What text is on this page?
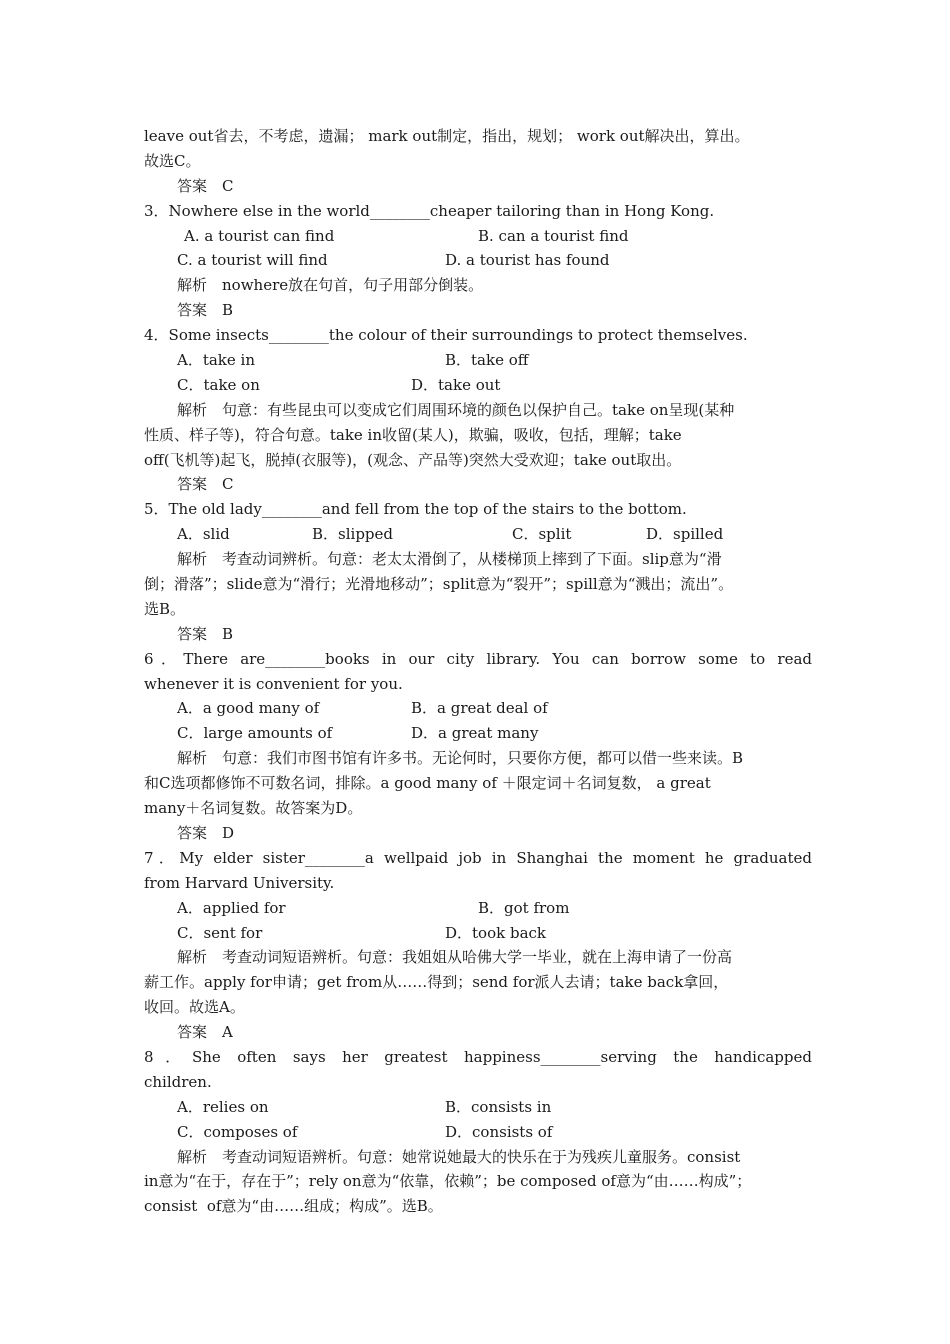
leave out省去，不考虑，遗漏； mark out制定，指出，规划； work out解决出，算出。
故选C。
答案　C
3．Nowhere else in the world________cheaper tailoring than in Hong Kong.
A. a tourist can find	B. can a tourist find
C. a tourist will find	D. a tourist has found
解析　nowhere放在句首，句子用部分倒装。
答案　B
4．Some insects________the colour of their surroundings to protect themselves.
A．take in	B．take off
C．take on	D．take out
解析　句意：有些昆虫可以变成它们周围环境的颜色以保护自己。take on呈现(某种
性质、样子等)，符合句意。take in收留(某人)，欺骗，吸收，包括，理解；take
off(飞机等)起飞，脱掉(衣服等)，(观念、产品等)突然大受欢迎；take out取出。
答案　C
5．The old lady________and fell from the top of the stairs to the bottom.
A．slid	B．slipped	C．split	D．spilled
解析　考查动词辨析。句意：老太太滑倒了，从楼梯顶上摔到了下面。slip意为“滑
倒；滑落”；slide意为“滑行；光滑地移动”；split意为“裂开”；spill意为“溅出；流出”。
选B。
答案　B
6．There are________books in our city library. You can borrow some to read
whenever it is convenient for you.
A．a good many of	B．a great deal of
C．large amounts of	D．a great many
解析　句意：我们市图书馆有许多书。无论何时，只要你方便，都可以借一些来读。B
和C选项都修饰不可数名词，排除。a good many of ＋限定词＋名词复数， a great
many＋名词复数。故答案为D。
答案　D
7．My elder sister________a wellpaid job in Shanghai the moment he graduated
from Harvard University.
A．applied for	B．got from
C．sent for	D．took back
解析　考查动词短语辨析。句意：我姐姐从哈佛大学一毕业，就在上海申请了一份高
薪工作。apply for申请；get from从……得到；send for派人去请；take back拿回，
收回。故选A。
答案　A
8．She often says her greatest happiness________serving the handicapped
children.
A．relies on	B．consists in
C．composes of	D．consists of
解析　考查动词短语辨析。句意：她常说她最大的快乐在于为残疾儿童服务。consist
in意为“在于，存在于”；rely on意为“依靠，依赖”；be composed of意为“由……构成”；
consist  of意为“由……组成；构成”。选B。
